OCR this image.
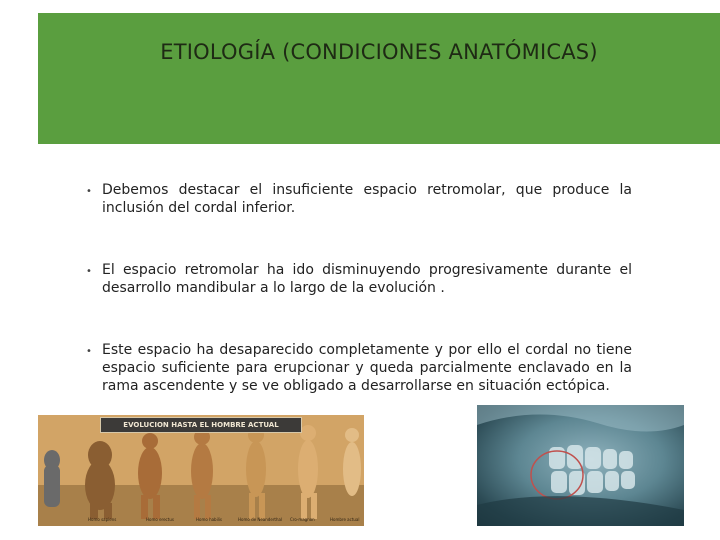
ETIOLOGÍA (CONDICIONES ANATÓMICAS)
• Debemos destacar el insuficiente espacio retromolar, que produce la inclusión del cordal inferior.
• El espacio retromolar ha ido disminuyendo progresivamente durante el desarrollo mandibular a lo largo de la evolución .
• Este espacio ha desaparecido completamente y por ello el cordal no tiene espacio suficiente para erupcionar y queda parcialmente enclavado en la rama ascendente y se ve obligado a desarrollarse en situación ectópica.
EVOLUCION HASTA EL HOMBRE ACTUAL
Homo sapiens	Homo erectus	Homo habilis	Homo de Neanderthal Cro-magnon	Hombre actual
